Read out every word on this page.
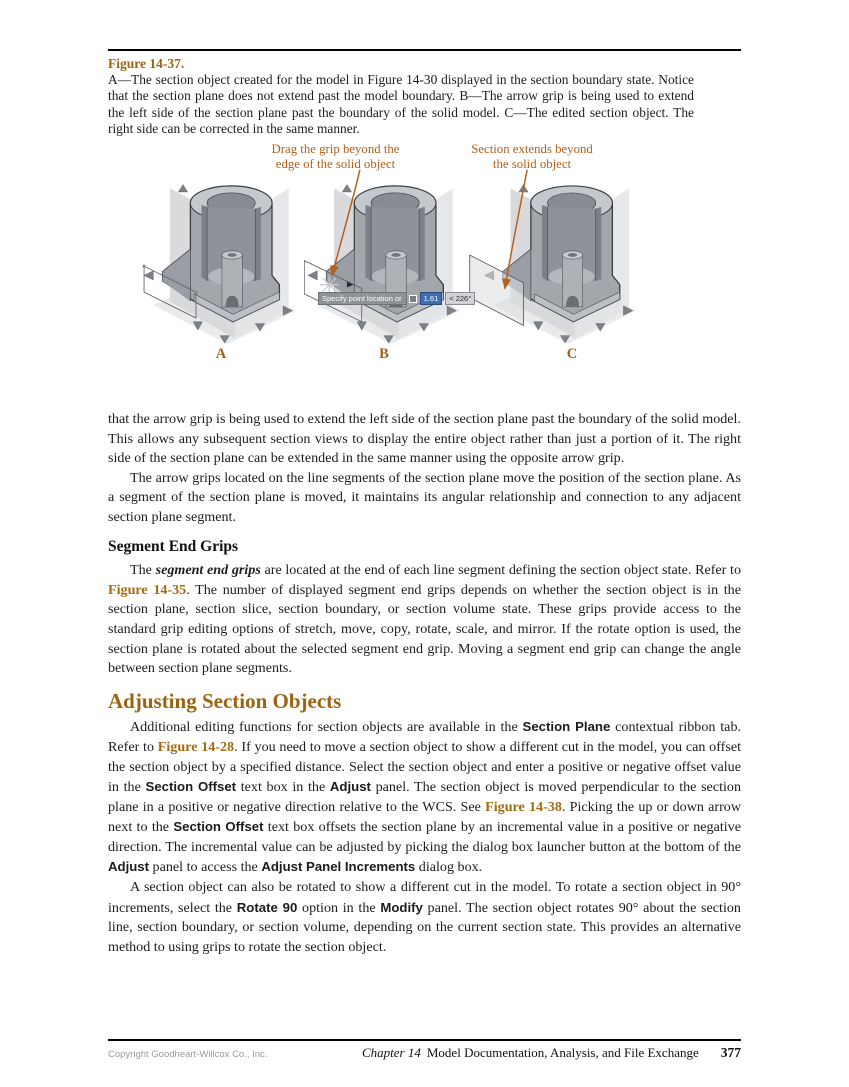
Figure 14-37.
A—The section object created for the model in Figure 14-30 displayed in the section boundary state. Notice that the section plane does not extend past the model boundary. B—The arrow grip is being used to extend the left side of the section plane past the boundary of the solid model. C—The edited section object. The right side can be corrected in the same manner.
Drag the grip beyond the
edge of the solid object
Section extends beyond
the solid object
A	B
Specify point location or	1.61	< 226°
C

that the arrow grip is being used to extend the left side of the section plane past the boundary of the solid model. This allows any subsequent section views to display the entire object rather than just a portion of it. The right side of the section plane can be extended in the same manner using the opposite arrow grip.

The arrow grips located on the line segments of the section plane move the position of the section plane. As a segment of the section plane is moved, it maintains its angular relationship and connection to any adjacent section plane segment.

Segment End Grips

The segment end grips are located at the end of each line segment defining the section object state. Refer to Figure 14-35. The number of displayed segment end grips depends on whether the section object is in the section plane, section slice, section boundary, or section volume state. These grips provide access to the standard grip editing options of stretch, move, copy, rotate, scale, and mirror. If the rotate option is used, the section plane is rotated about the selected segment end grip. Moving a segment end grip can change the angle between section plane segments.

Adjusting Section Objects

Additional editing functions for section objects are available in the Section Plane contextual ribbon tab. Refer to Figure 14-28. If you need to move a section object to show a different cut in the model, you can offset the section object by a specified distance. Select the section object and enter a positive or negative offset value in the Section Offset text box in the Adjust panel. The section object is moved perpendicular to the section plane in a positive or negative direction relative to the WCS. See Figure 14-38. Picking the up or down arrow next to the Section Offset text box offsets the section plane by an incremental value in a positive or negative direction. The incremental value can be adjusted by picking the dialog box launcher button at the bottom of the Adjust panel to access the Adjust Panel Increments dialog box.

A section object can also be rotated to show a different cut in the model. To rotate a section object in 90° increments, select the Rotate 90 option in the Modify panel. The section object rotates 90° about the section line, section boundary, or section volume, depending on the current section state. This provides an alternative method to using grips to rotate the section object.

Copyright Goodheart-Willcox Co., Inc.	Chapter 14 Model Documentation, Analysis, and File Exchange 377
